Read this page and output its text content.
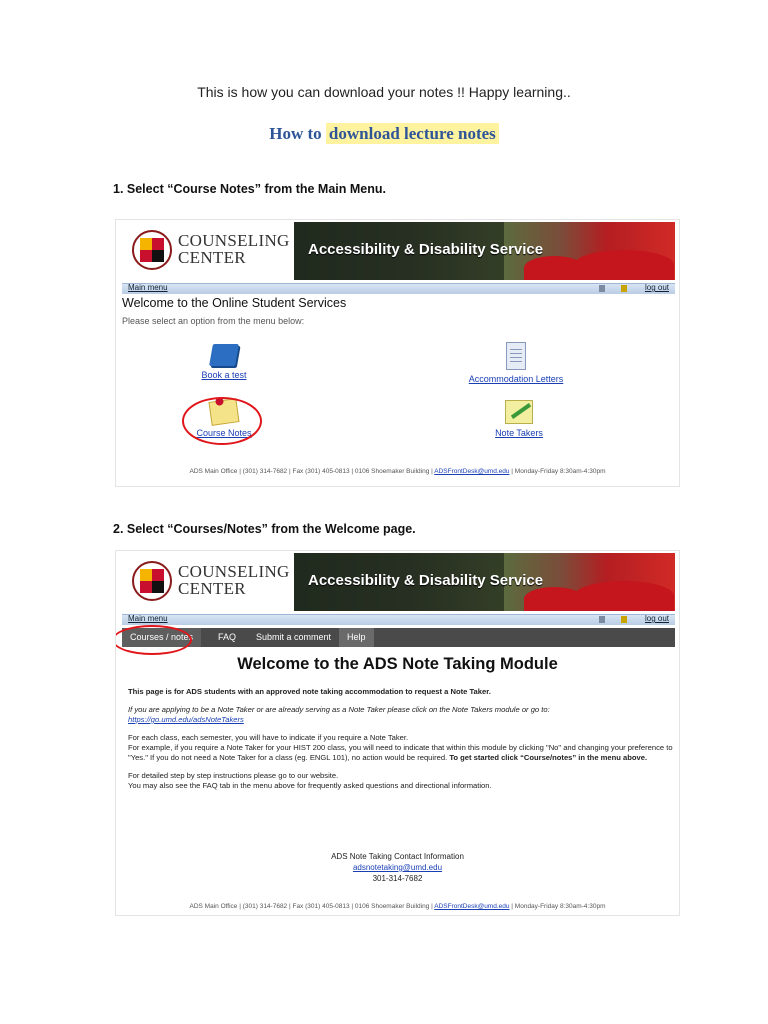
This is how you can download your notes !! Happy learning..
How to download lecture notes
1. Select “Course Notes” from the Main Menu.
COUNSELING
CENTER	Accessibility & Disability Service
Main menu	log out
Welcome to the Online Student Services
Please select an option from the menu below:
Book a test	Accommodation Letters
Course Notes	Note Takers
ADS Main Office | (301) 314-7682 | Fax (301) 405-0813 | 0106 Shoemaker Building | ADSFrontDesk@umd.edu | Monday-Friday 8:30am-4:30pm
2. Select “Courses/Notes” from the Welcome page.
COUNSELING
CENTER	Accessibility & Disability Service
Main menu	log out
Courses / notes	FAQ	Submit a comment	Help
Welcome to the ADS Note Taking Module

This page is for ADS students with an approved note taking accommodation to request a Note Taker.

If you are applying to be a Note Taker or are already serving as a Note Taker please click on the Note Takers module or go to:

https://go.umd.edu/adsNoteTakers

For each class, each semester, you will have to indicate if you require a Note Taker.

For example, if you require a Note Taker for your HIST 200 class, you will need to indicate that within this module by clicking "No" and changing your preference to "Yes." If you do not need a Note Taker for a class (eg. ENGL 101), no action would be required. To get started click “Course/notes” in the menu above.

For detailed step by step instructions please go to our website.

You may also see the FAQ tab in the menu above for frequently asked questions and directional information.

ADS Note Taking Contact Information
adsnotetaking@umd.edu
301-314-7682
ADS Main Office | (301) 314-7682 | Fax (301) 405-0813 | 0106 Shoemaker Building | ADSFrontDesk@umd.edu | Monday-Friday 8:30am-4:30pm
